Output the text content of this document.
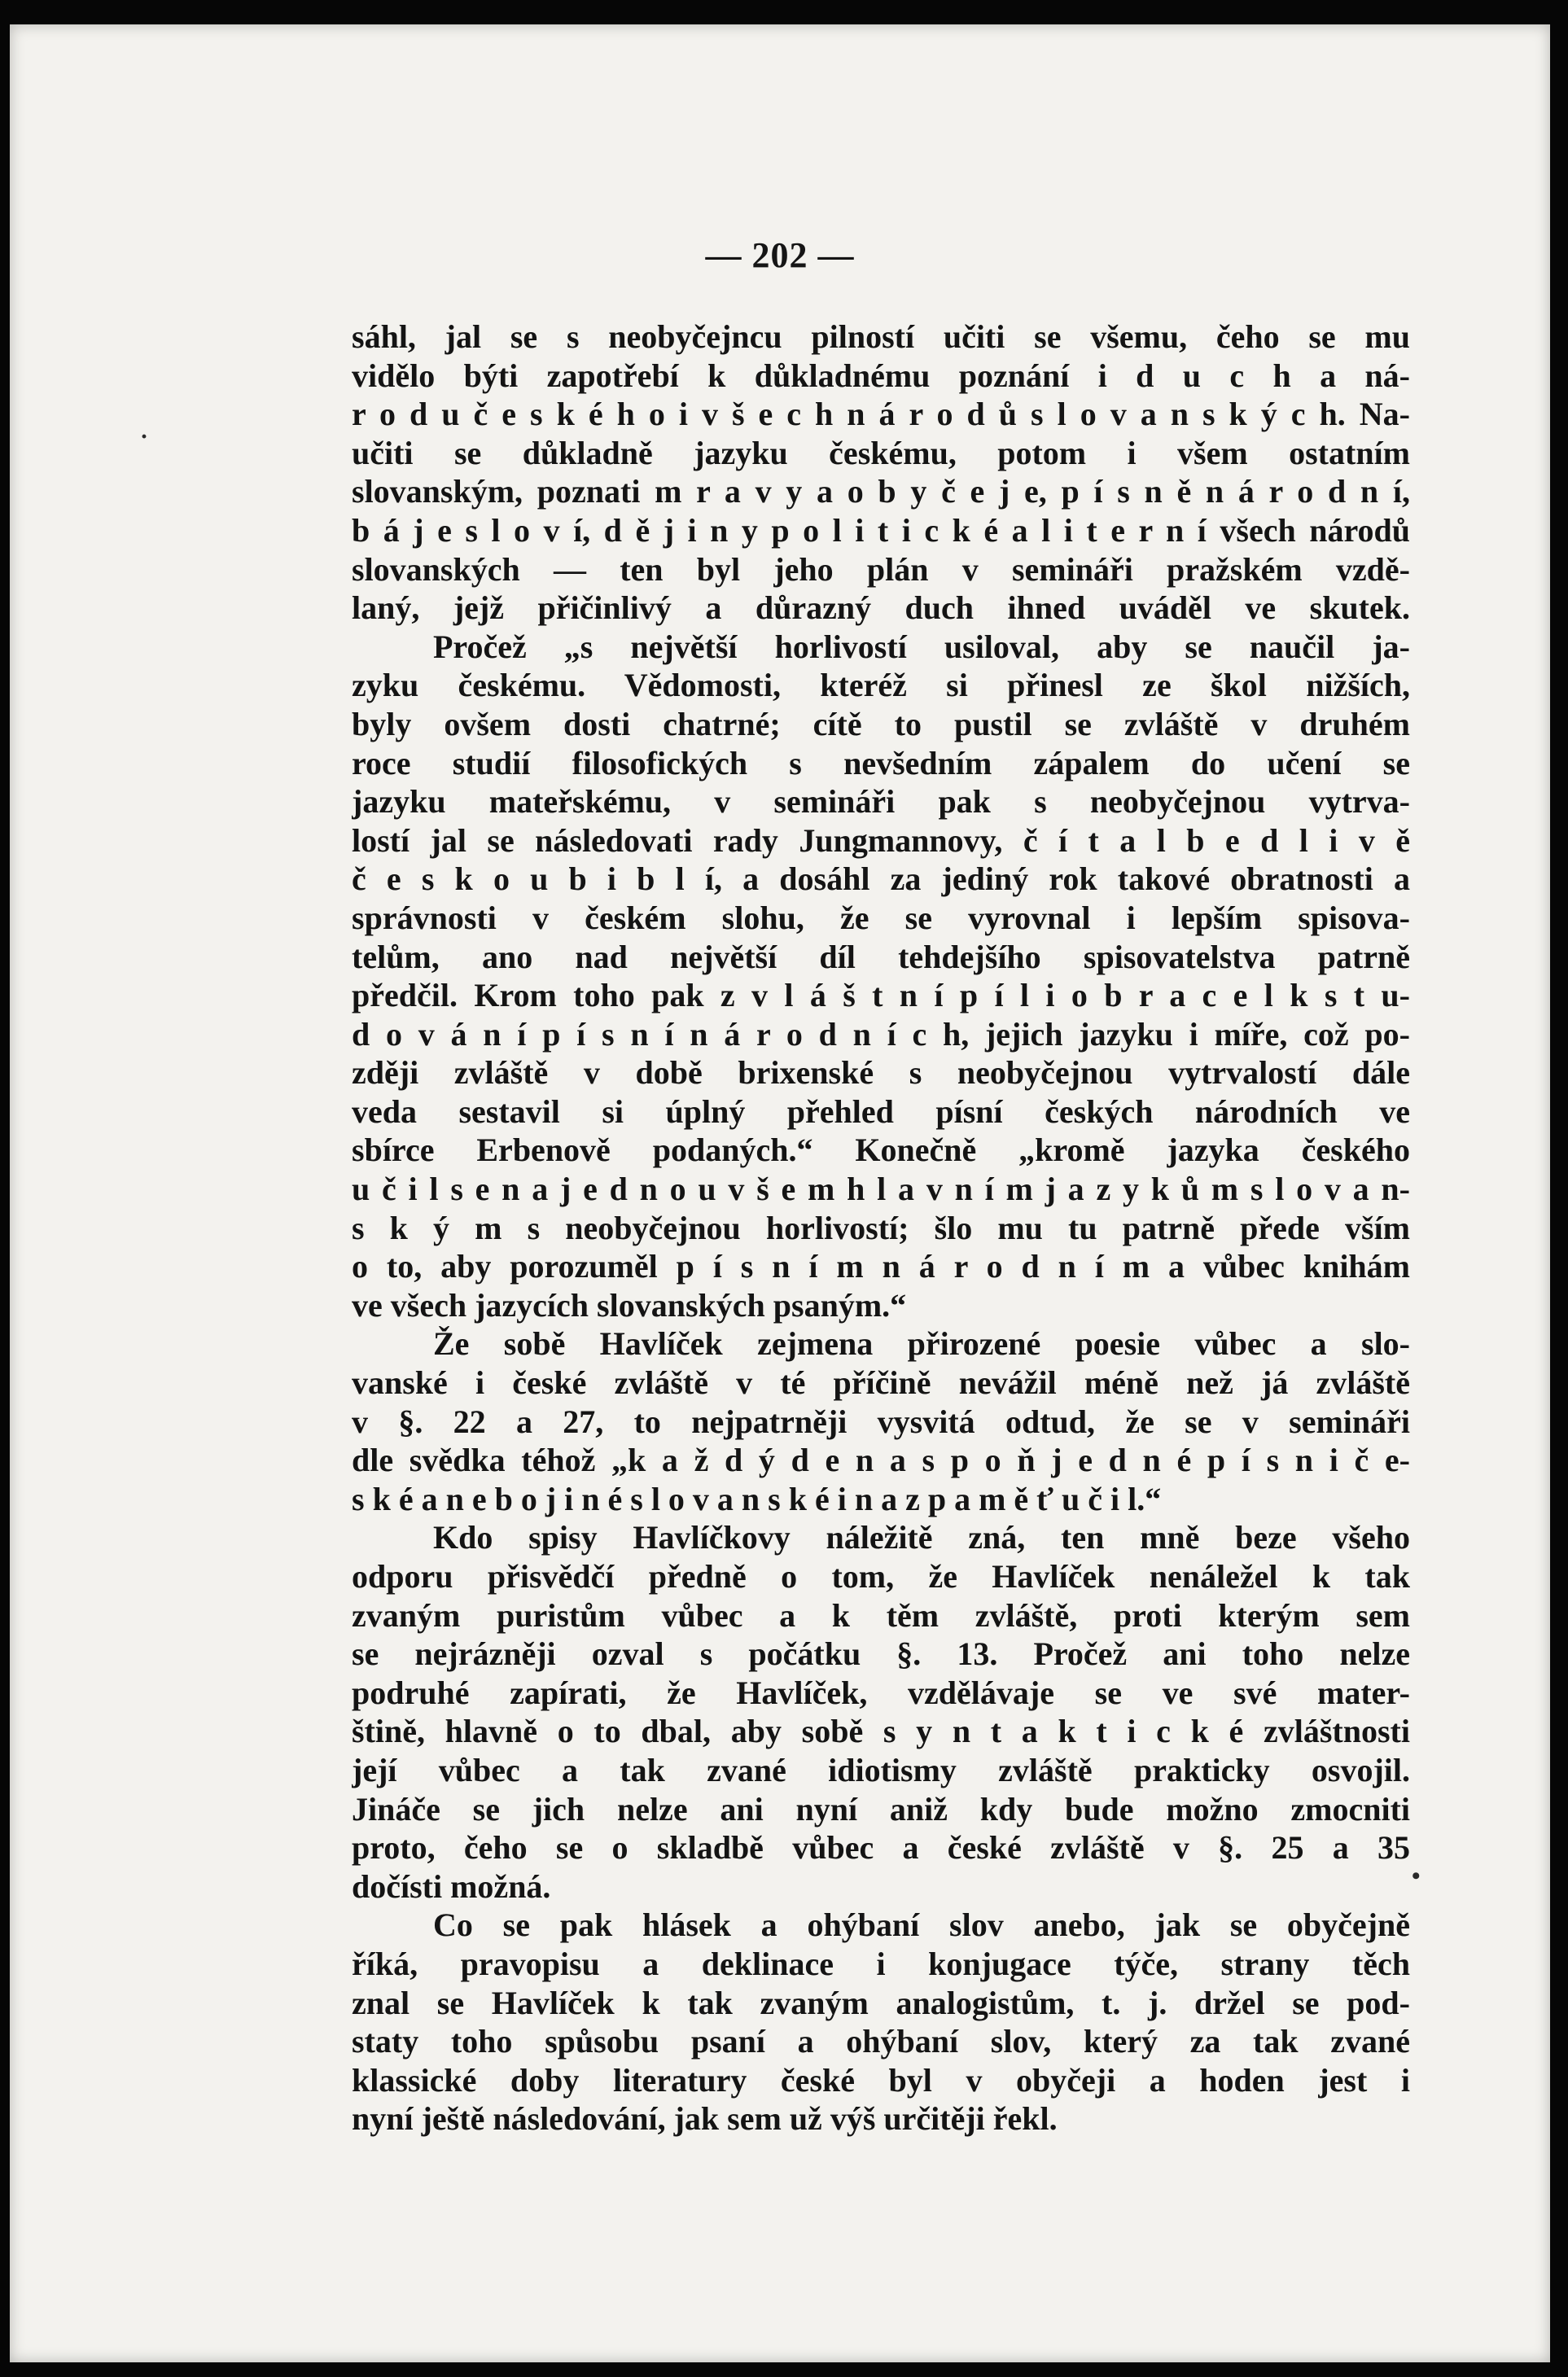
— 202 —
sáhl, jal se s neobyčejncu pilností učiti se všemu, čeho se mu
vidělo býti zapotřebí k důkladnému poznání i d u c h a ná-
r o d u č e s k é h o i v š e c h n á r o d ů s l o v a n s k ý c h. Na-
učiti se důkladně jazyku českému, potom i všem ostatním
slovanským, poznati m r a v y a o b y č e j e, p í s n ě n á r o d n í,
b á j e s l o v í, d ě j i n y p o l i t i c k é a l i t e r n í všech národů
slovanských — ten byl jeho plán v semináři pražském vzdě-
laný, jejž přičinlivý a důrazný duch ihned uváděl ve skutek.
Pročež „s největší horlivostí usiloval, aby se naučil ja-
zyku českému. Vědomosti, kteréž si přinesl ze škol nižších,
byly ovšem dosti chatrné; cítě to pustil se zvláště v druhém
roce studií filosofických s nevšedním zápalem do učení se
jazyku mateřskému, v semináři pak s neobyčejnou vytrva-
lostí jal se následovati rady Jungmannovy, č í t a l b e d l i v ě
č e s k o u b i b l í, a dosáhl za jediný rok takové obratnosti a
správnosti v českém slohu, že se vyrovnal i lepším spisova-
telům, ano nad největší díl tehdejšího spisovatelstva patrně
předčil. Krom toho pak z v l á š t n í p í l i o b r a c e l k s t u-
d o v á n í p í s n í n á r o d n í c h, jejich jazyku i míře, což po-
zději zvláště v době brixenské s neobyčejnou vytrvalostí dále
veda sestavil si úplný přehled písní českých národních ve
sbírce Erbenově podaných.“ Konečně „kromě jazyka českého
u č i l s e n a j e d n o u v š e m h l a v n í m j a z y k ů m s l o v a n-
s k ý m s neobyčejnou horlivostí; šlo mu tu patrně přede vším
o to, aby porozuměl p í s n í m n á r o d n í m a vůbec knihám
ve všech jazycích slovanských psaným.“
Že sobě Havlíček zejmena přirozené poesie vůbec a slo-
vanské i české zvláště v té příčině nevážil méně než já zvláště
v §. 22 a 27, to nejpatrněji vysvitá odtud, že se v semináři
dle svědka téhož „k a ž d ý d e n a s p o ň j e d n é p í s n i č e-
s k é a n e b o j i n é s l o v a n s k é i n a z p a m ě ť u č i l.“
Kdo spisy Havlíčkovy náležitě zná, ten mně beze všeho
odporu přisvědčí předně o tom, že Havlíček nenáležel k tak
zvaným puristům vůbec a k těm zvláště, proti kterým sem
se nejrázněji ozval s počátku §. 13. Pročež ani toho nelze
podruhé zapírati, že Havlíček, vzdělávaje se ve své mater-
štině, hlavně o to dbal, aby sobě s y n t a k t i c k é zvláštnosti
její vůbec a tak zvané idiotismy zvláště prakticky osvojil.
Jináče se jich nelze ani nyní aniž kdy bude možno zmocniti
proto, čeho se o skladbě vůbec a české zvláště v §. 25 a 35
dočísti možná.
Co se pak hlásek a ohýbaní slov anebo, jak se obyčejně
říká, pravopisu a deklinace i konjugace týče, strany těch
znal se Havlíček k tak zvaným analogistům, t. j. držel se pod-
staty toho spůsobu psaní a ohýbaní slov, který za tak zvané
klassické doby literatury české byl v obyčeji a hoden jest i
nyní ještě následování, jak sem už výš určitěji řekl.
·
•
